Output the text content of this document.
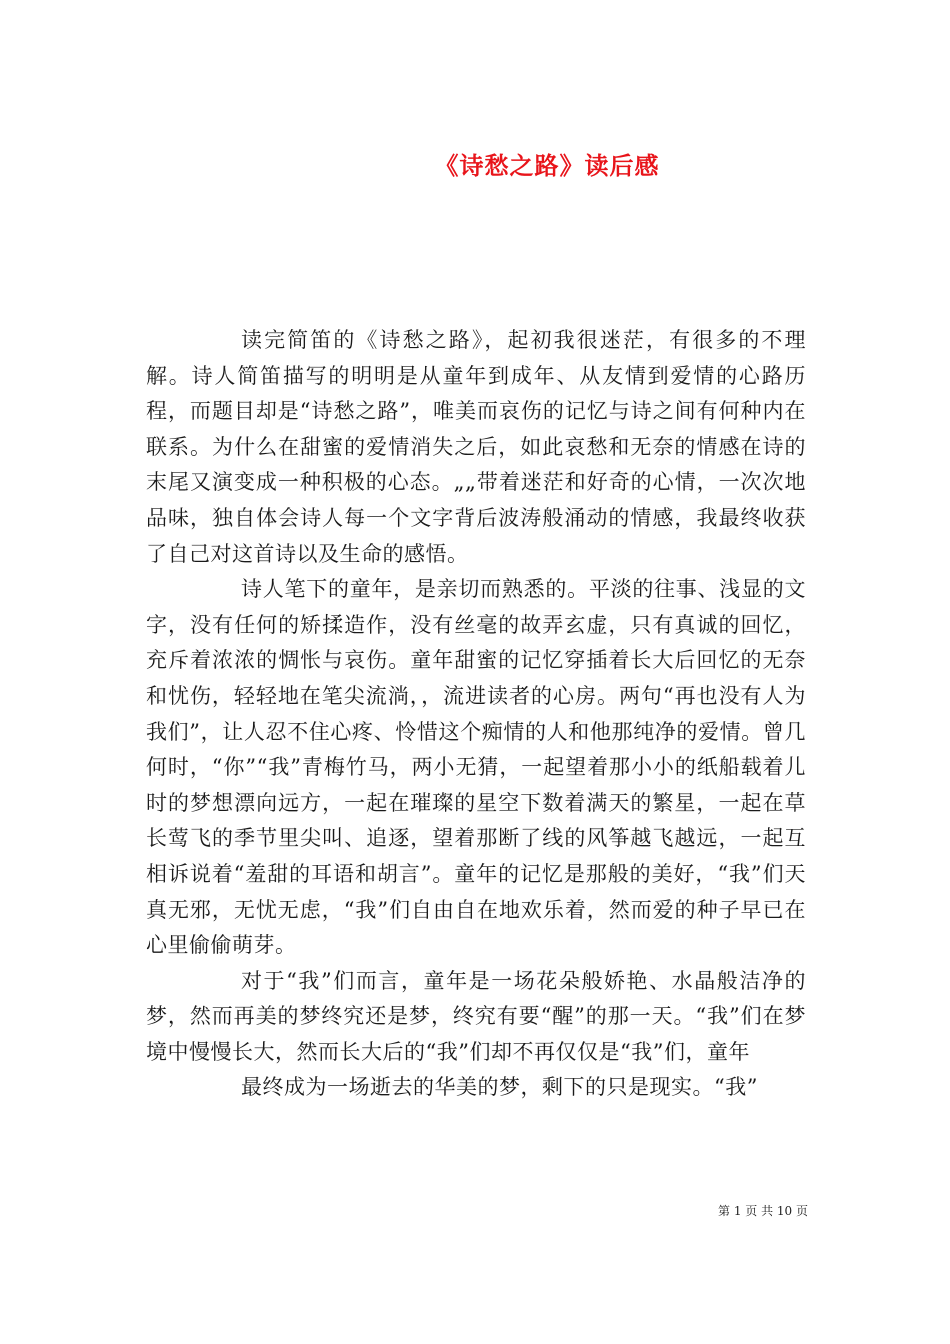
《诗愁之路》读后感

读完简笛的《诗愁之路》，起初我很迷茫，有很多的不理解。诗人简笛描写的明明是从童年到成年、从友情到爱情的心路历程，而题目却是“诗愁之路”，唯美而哀伤的记忆与诗之间有何种内在联系。为什么在甜蜜的爱情消失之后，如此哀愁和无奈的情感在诗的末尾又演变成一种积极的心态。„„带着迷茫和好奇的心情，一次次地品味，独自体会诗人每一个文字背后波涛般涌动的情感，我最终收获了自己对这首诗以及生命的感悟。

诗人笔下的童年，是亲切而熟悉的。平淡的往事、浅显的文字，没有任何的矫揉造作，没有丝毫的故弄玄虚，只有真诚的回忆，充斥着浓浓的惆怅与哀伤。童年甜蜜的记忆穿插着长大后回忆的无奈和忧伤，轻轻地在笔尖流淌，，流进读者的心房。两句“再也没有人为我们”，让人忍不住心疼、怜惜这个痴情的人和他那纯净的爱情。曾几何时，“你”“我”青梅竹马，两小无猜，一起望着那小小的纸船载着儿时的梦想漂向远方，一起在璀璨的星空下数着满天的繁星，一起在草长莺飞的季节里尖叫、追逐，望着那断了线的风筝越飞越远，一起互相诉说着“羞甜的耳语和胡言”。童年的记忆是那般的美好，“我”们天真无邪，无忧无虑，“我”们自由自在地欢乐着，然而爱的种子早已在心里偷偷萌芽。

对于“我”们而言，童年是一场花朵般娇艳、水晶般洁净的梦，然而再美的梦终究还是梦，终究有要“醒”的那一天。“我”们在梦境中慢慢长大，然而长大后的“我”们却不再仅仅是“我”们，童年

最终成为一场逝去的华美的梦，剩下的只是现实。“我”

第 1 页 共 10 页
